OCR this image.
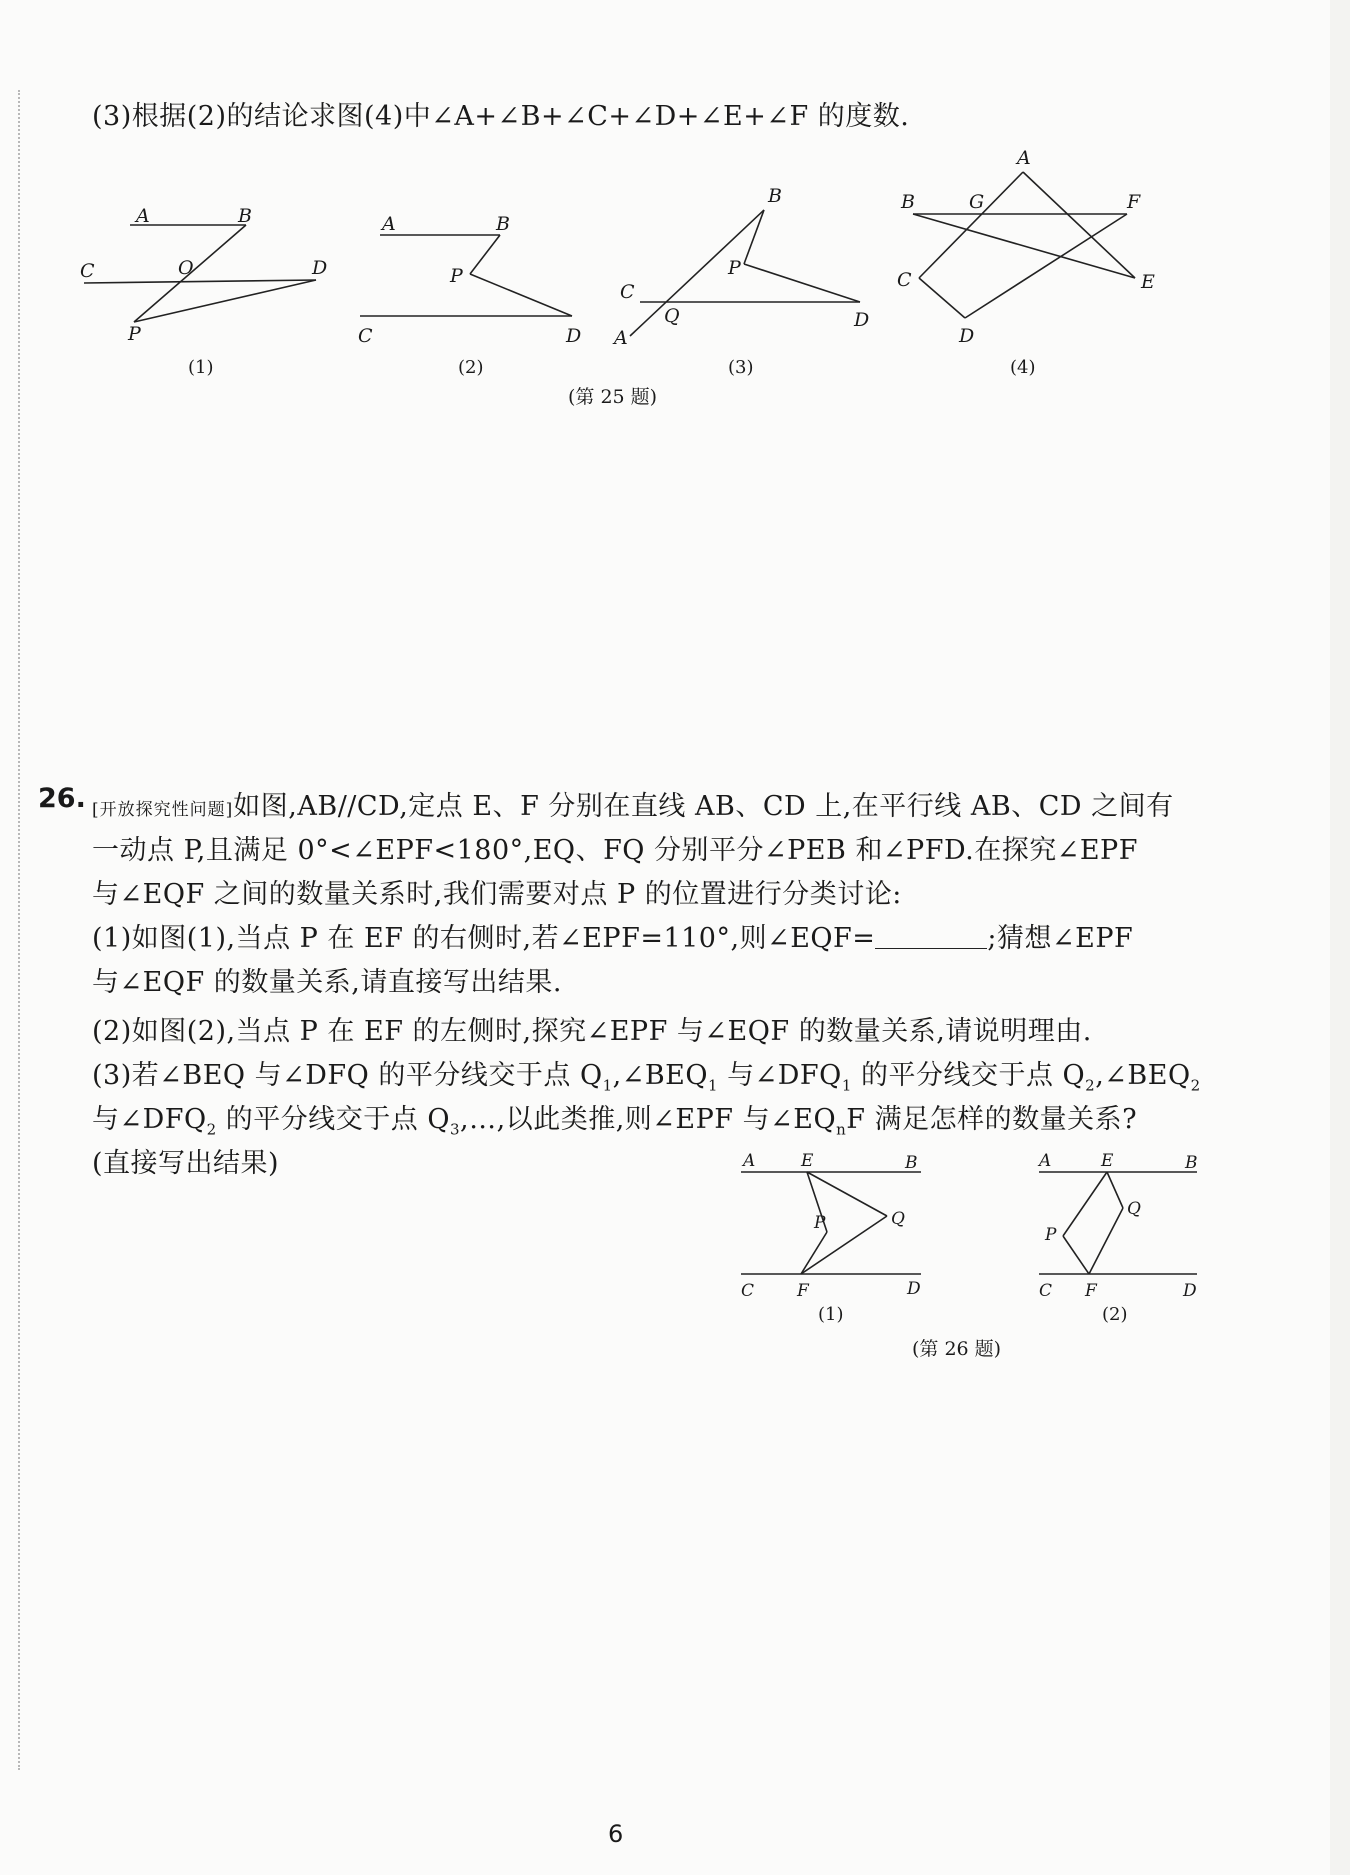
(3)根据(2)的结论求图(4)中∠A+∠B+∠C+∠D+∠E+∠F 的度数.
A	B
C	O	D
P
(1)
A	B
P
C	D
(2)
B
P
C
Q	D
A
(3)
A
B	G	F
C	E
D
(4)
(第 25 题)
26. [开放探究性问题]如图,AB//CD,定点 E、F 分别在直线 AB、CD 上,在平行线 AB、CD 之间有
一动点 P,且满足 0°<∠EPF<180°,EQ、FQ 分别平分∠PEB 和∠PFD.在探究∠EPF
与∠EQF 之间的数量关系时,我们需要对点 P 的位置进行分类讨论:
(1)如图(1),当点 P 在 EF 的右侧时,若∠EPF=110°,则∠EQF=	;猜想∠EPF
与∠EQF 的数量关系,请直接写出结果.
(2)如图(2),当点 P 在 EF 的左侧时,探究∠EPF 与∠EQF 的数量关系,请说明理由.
(3)若∠BEQ 与∠DFQ 的平分线交于点 $Q_1,\angle BEQ_1$ 与$\angle DFQ_1$ 的平分线交于点 $Q_2,\angle BEQ_2$
与$\angle DFQ_2$ 的平分线交于点 $Q_3,\dots$,以此类推,则∠EPF 与$\angle EQ_nF$ 满足怎样的数量关系?
(直接写出结果)	A	E	B
P	Q
C	F	D
(1)
A	E	B
Q
P
C F	D
(2)
(第 26 题)
6
